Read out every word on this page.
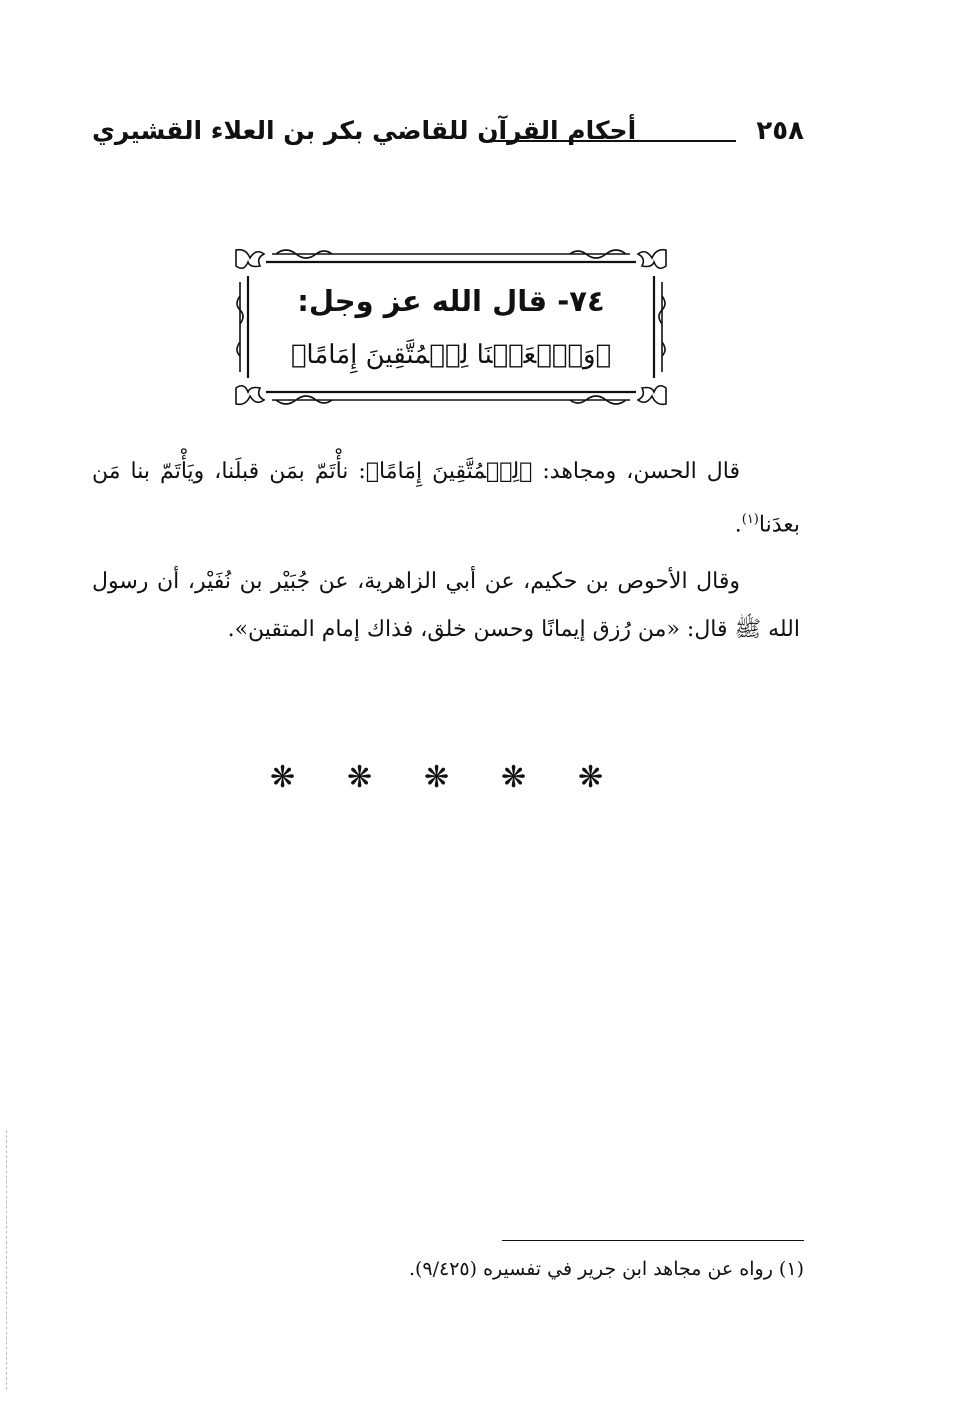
٢٥٨
أحكام القرآن للقاضي بكر بن العلاء القشيري
٧٤- قال الله عز وجل:
﴿وَٱجۡعَلۡنَا لِلۡمُتَّقِينَ إِمَامًا﴾

قال الحسن، ومجاهد: ﴿لِلۡمُتَّقِينَ إِمَامًا﴾: نأْتَمّ بمَن قبلَنا، ويَأْتَمّ بنا مَن بعدَنا$^{(١)}$.

وقال الأحوص بن حكيم، عن أبي الزاهرية، عن جُبَيْر بن نُفَيْر، أن رسول الله ﷺ قال: «من رُزق إيمانًا وحسن خلق، فذاك إمام المتقين».

❋ ❋ ❋ ❋ ❋
(١) رواه عن مجاهد ابن جرير في تفسيره (٩/٤٢٥).
